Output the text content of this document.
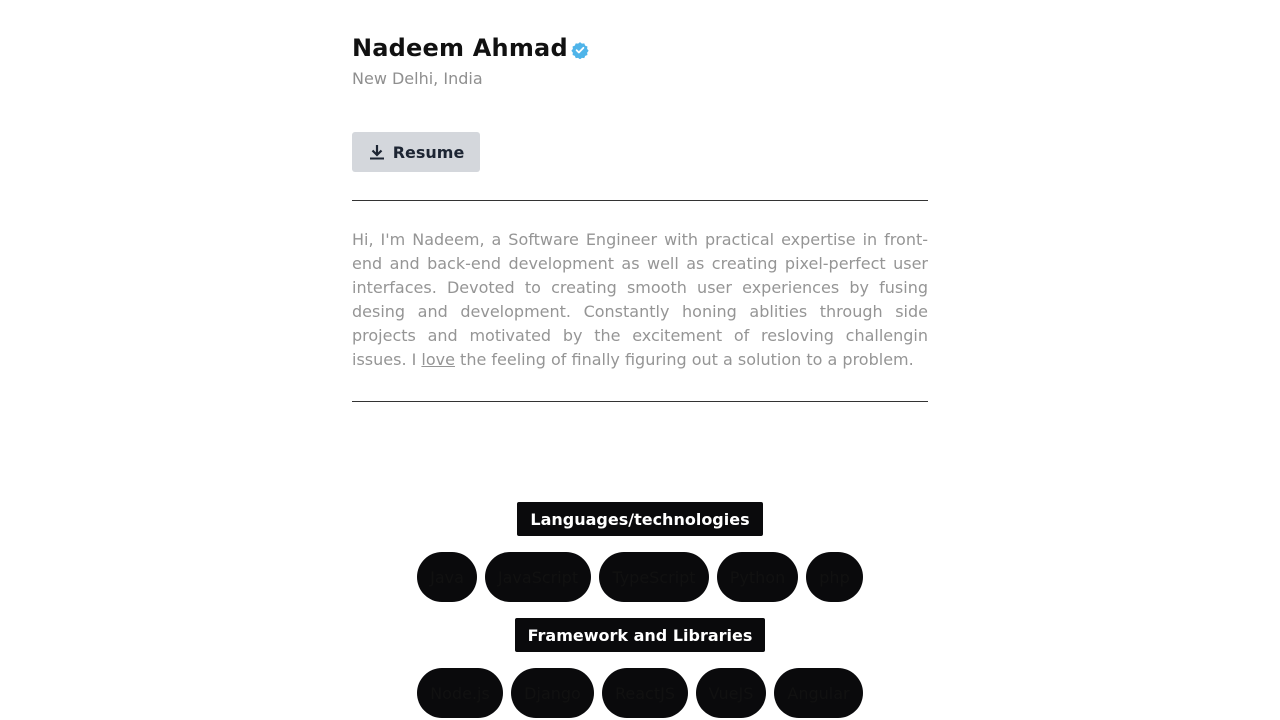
Nadeem Ahmad
New Delhi, India
Resume

Hi, I'm Nadeem, a Software Engineer with practical expertise in front-end and back-end development as well as creating pixel-perfect user interfaces. Devoted to creating smooth user experiences by fusing desing and development. Constantly honing ablities through side projects and motivated by the excitement of resloving challengin issues. I love the feeling of finally figuring out a solution to a problem.

Languages/technologies
Java	JavaScript	TypeScript	Python	php
Framework and Libraries
Node.js	Django	ReactJS	VueJS	Angular
